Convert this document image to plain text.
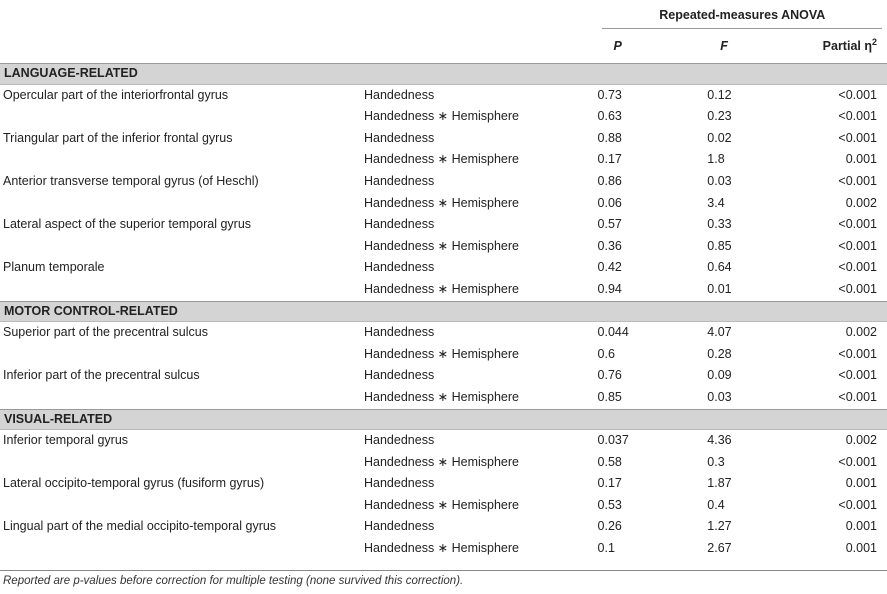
		Repeated-measures ANOVA		
		P	F	Partial $\eta^2$
LANGUAGE-RELATED				
Opercular part of the interiorfrontal gyrus	Handedness	0.73	0.12	<0.001
	Handedness ∗ Hemisphere	0.63	0.23	<0.001
Triangular part of the inferior frontal gyrus	Handedness	0.88	0.02	<0.001
	Handedness ∗ Hemisphere	0.17	1.8	0.001
Anterior transverse temporal gyrus (of Heschl)	Handedness	0.86	0.03	<0.001
	Handedness ∗ Hemisphere	0.06	3.4	0.002
Lateral aspect of the superior temporal gyrus	Handedness	0.57	0.33	<0.001
	Handedness ∗ Hemisphere	0.36	0.85	<0.001
Planum temporale	Handedness	0.42	0.64	<0.001
	Handedness ∗ Hemisphere	0.94	0.01	<0.001
MOTOR CONTROL-RELATED				
Superior part of the precentral sulcus	Handedness	0.044	4.07	0.002
	Handedness ∗ Hemisphere	0.6	0.28	<0.001
Inferior part of the precentral sulcus	Handedness	0.76	0.09	<0.001
	Handedness ∗ Hemisphere	0.85	0.03	<0.001
VISUAL-RELATED				
Inferior temporal gyrus	Handedness	0.037	4.36	0.002
	Handedness ∗ Hemisphere	0.58	0.3	<0.001
Lateral occipito-temporal gyrus (fusiform gyrus)	Handedness	0.17	1.87	0.001
	Handedness ∗ Hemisphere	0.53	0.4	<0.001
Lingual part of the medial occipito-temporal gyrus	Handedness	0.26	1.27	0.001
	Handedness ∗ Hemisphere	0.1	2.67	0.001
Reported are p-values before correction for multiple testing (none survived this correction).
